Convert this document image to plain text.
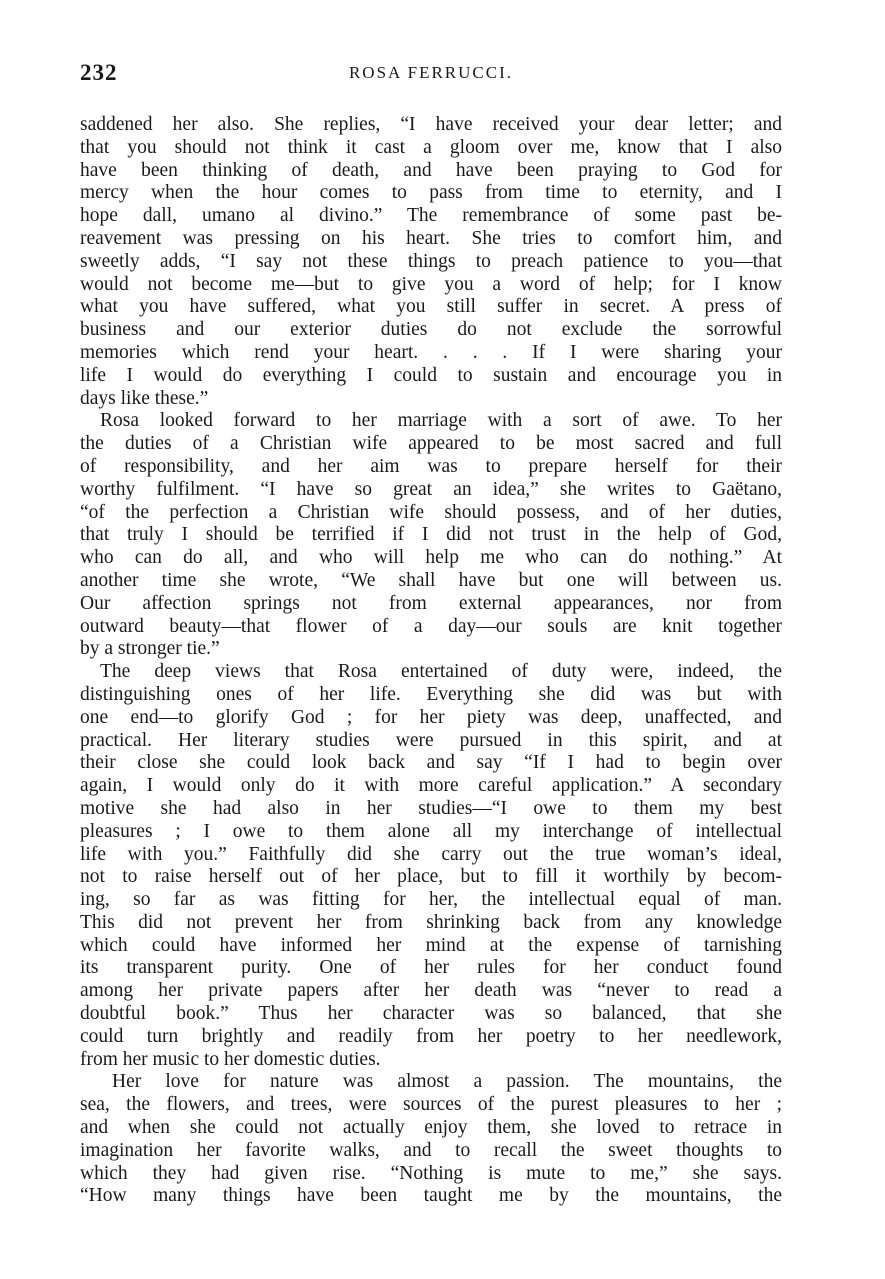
232	ROSA FERRUCCI.
saddened her also. She replies, “I have received your dear letter; and
that you should not think it cast a gloom over me, know that I also
have been thinking of death, and have been praying to God for
mercy when the hour comes to pass from time to eternity, and I
hope dall, umano al divino.” The remembrance of some past be-
reavement was pressing on his heart. She tries to comfort him, and
sweetly adds, “I say not these things to preach patience to you—that
would not become me—but to give you a word of help; for I know
what you have suffered, what you still suffer in secret. A press of
business and our exterior duties do not exclude the sorrowful
memories which rend your heart. . . . If I were sharing your
life I would do everything I could to sustain and encourage you in
days like these.”
Rosa looked forward to her marriage with a sort of awe. To her
the duties of a Christian wife appeared to be most sacred and full
of responsibility, and her aim was to prepare herself for their
worthy fulfilment. “I have so great an idea,” she writes to Gaëtano,
“of the perfection a Christian wife should possess, and of her duties,
that truly I should be terrified if I did not trust in the help of God,
who can do all, and who will help me who can do nothing.” At
another time she wrote, “We shall have but one will between us.
Our affection springs not from external appearances, nor from
outward beauty—that flower of a day—our souls are knit together
by a stronger tie.”
The deep views that Rosa entertained of duty were, indeed, the
distinguishing ones of her life. Everything she did was but with
one end—to glorify God ; for her piety was deep, unaffected, and
practical. Her literary studies were pursued in this spirit, and at
their close she could look back and say “If I had to begin over
again, I would only do it with more careful application.” A secondary
motive she had also in her studies—“I owe to them my best
pleasures ; I owe to them alone all my interchange of intellectual
life with you.” Faithfully did she carry out the true woman’s ideal,
not to raise herself out of her place, but to fill it worthily by becom-
ing, so far as was fitting for her, the intellectual equal of man.
This did not prevent her from shrinking back from any knowledge
which could have informed her mind at the expense of tarnishing
its transparent purity. One of her rules for her conduct found
among her private papers after her death was “never to read a
doubtful book.” Thus her character was so balanced, that she
could turn brightly and readily from her poetry to her needlework,
from her music to her domestic duties.
Her love for nature was almost a passion. The mountains, the
sea, the flowers, and trees, were sources of the purest pleasures to her ;
and when she could not actually enjoy them, she loved to retrace in
imagination her favorite walks, and to recall the sweet thoughts to
which they had given rise. “Nothing is mute to me,” she says.
“How many things have been taught me by the mountains, the
